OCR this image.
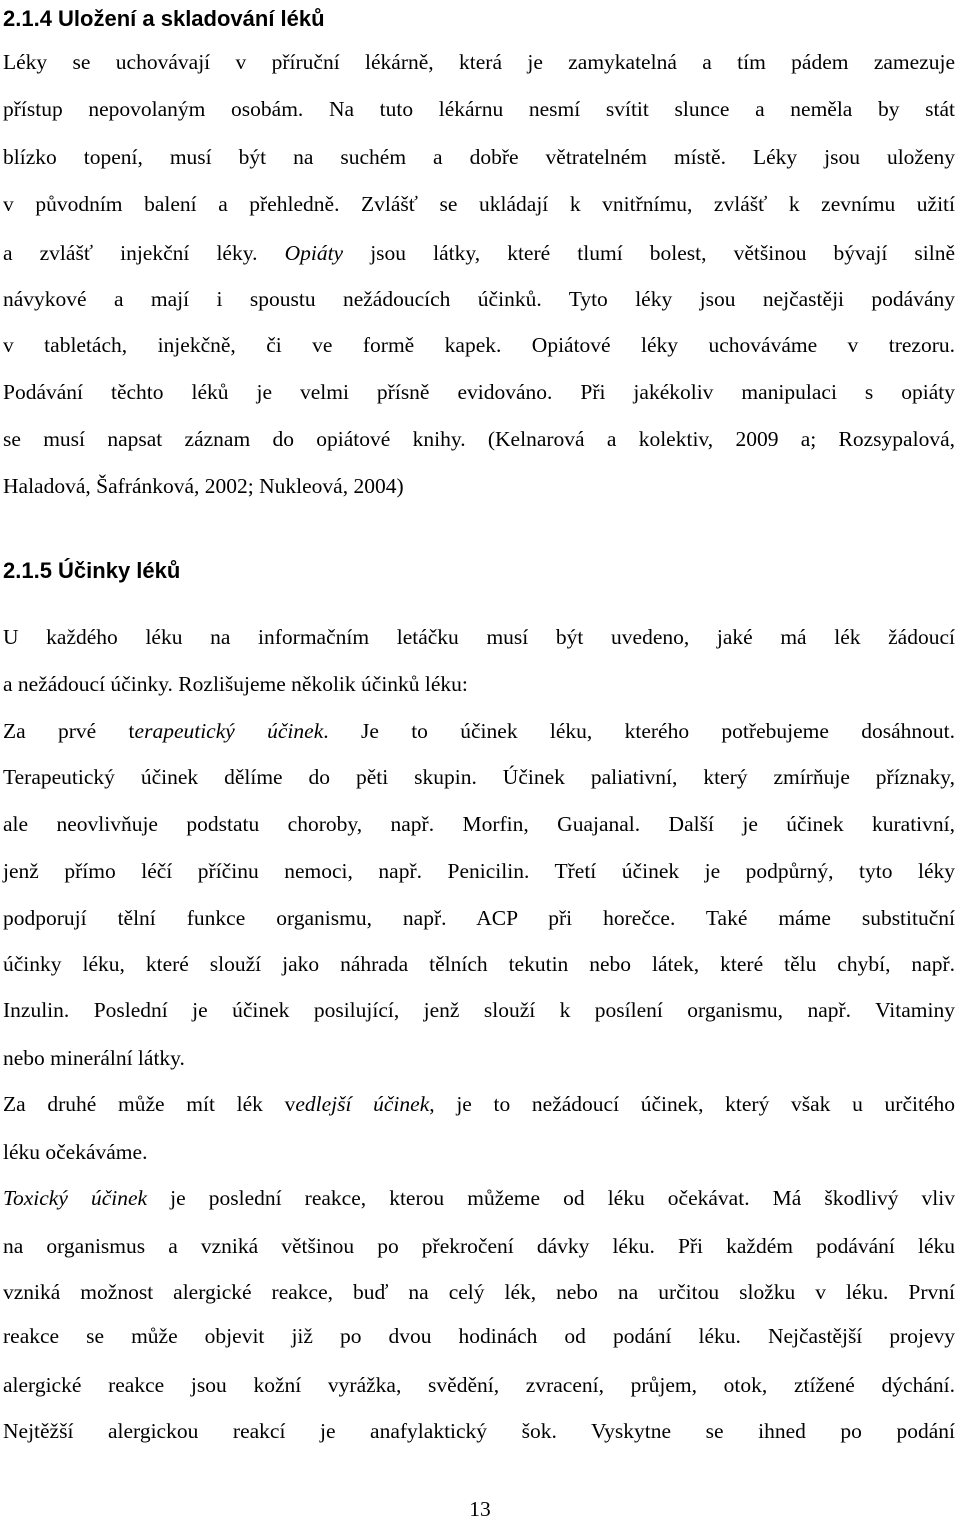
2.1.4 Uložení a skladování léků

Léky se uchovávají v příruční lékárně, která je zamykatelná a tím pádem zamezuje

přístup nepovolaným osobám. Na tuto lékárnu nesmí svítit slunce a neměla by stát

blízko topení, musí být na suchém a dobře větratelném místě. Léky jsou uloženy

v původním balení a přehledně. Zvlášť se ukládají k vnitřnímu, zvlášť k zevnímu užití

a zvlášť injekční léky. Opiáty jsou látky, které tlumí bolest, většinou bývají silně

návykové a mají i spoustu nežádoucích účinků. Tyto léky jsou nejčastěji podávány

v tabletách, injekčně, či ve formě kapek. Opiátové léky uchováváme v trezoru.

Podávání těchto léků je velmi přísně evidováno. Při jakékoliv manipulaci s opiáty

se musí napsat záznam do opiátové knihy. (Kelnarová a kolektiv, 2009 a; Rozsypalová,

Haladová, Šafránková, 2002; Nukleová, 2004)

2.1.5 Účinky léků

U každého léku na informačním letáčku musí být uvedeno, jaké má lék žádoucí

a nežádoucí účinky. Rozlišujeme několik účinků léku:

Za prvé terapeutický účinek. Je to účinek léku, kterého potřebujeme dosáhnout.

Terapeutický účinek dělíme do pěti skupin. Účinek paliativní, který zmírňuje příznaky,

ale neovlivňuje podstatu choroby, např. Morfin, Guajanal. Další je účinek kurativní,

jenž přímo léčí příčinu nemoci, např. Penicilin. Třetí účinek je podpůrný, tyto léky

podporují tělní funkce organismu, např. ACP při horečce. Také máme substituční

účinky léku, které slouží jako náhrada tělních tekutin nebo látek, které tělu chybí, např.

Inzulin. Poslední je účinek posilující, jenž slouží k posílení organismu, např. Vitaminy

nebo minerální látky.

Za druhé může mít lék vedlejší účinek, je to nežádoucí účinek, který však u určitého

léku očekáváme.

Toxický účinek je poslední reakce, kterou můžeme od léku očekávat. Má škodlivý vliv

na organismus a vzniká většinou po překročení dávky léku. Při každém podávání léku

vzniká možnost alergické reakce, buď na celý lék, nebo na určitou složku v léku. První

reakce se může objevit již po dvou hodinách od podání léku. Nejčastější projevy

alergické reakce jsou kožní vyrážka, svědění, zvracení, průjem, otok, ztížené dýchání.

Nejtěžší alergickou reakcí je anafylaktický šok. Vyskytne se ihned po podání

13
